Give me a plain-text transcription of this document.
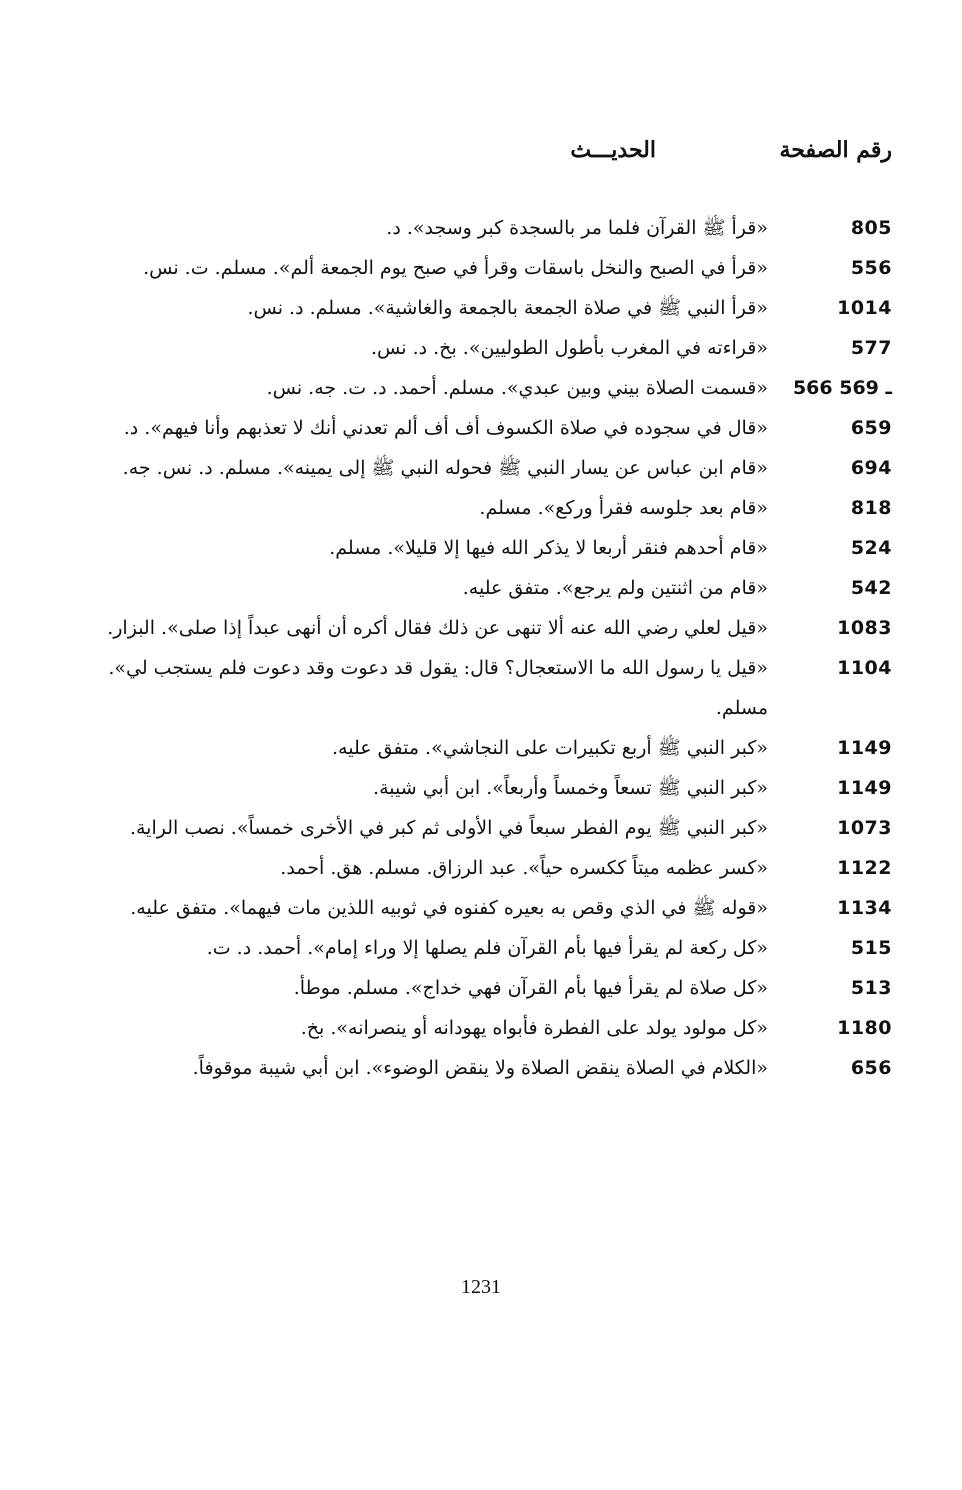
رقم الصفحة
الحديـــث
805
«قرأ ﷺ القرآن فلما مر بالسجدة كبر وسجد». د.
556
«قرأ في الصبح والنخل باسقات وقرأ في صبح يوم الجمعة ألم». مسلم. ت. نس.
1014
«قرأ النبي ﷺ في صلاة الجمعة بالجمعة والغاشية». مسلم. د. نس.
577
«قراءته في المغرب بأطول الطوليين». بخ. د. نس.
566 ـ 569
«قسمت الصلاة بيني وبين عبدي». مسلم. أحمد. د. ت. جه. نس.
659
«قال في سجوده في صلاة الكسوف أف أف ألم تعدني أنك لا تعذبهم وأنا فيهم». د.
694
«قام ابن عباس عن يسار النبي ﷺ فحوله النبي ﷺ إلى يمينه». مسلم. د. نس. جه.
818
«قام بعد جلوسه فقرأ وركع». مسلم.
524
«قام أحدهم فنقر أربعا لا يذكر الله فيها إلا قليلا». مسلم.
542
«قام من اثنتين ولم يرجع». متفق عليه.
1083
«قيل لعلي رضي الله عنه ألا تنهى عن ذلك فقال أكره أن أنهى عبداً إذا صلى». البزار.
1104
«قيل يا رسول الله ما الاستعجال؟ قال: يقول قد دعوت وقد دعوت فلم يستجب لي». مسلم.
1149
«كبر النبي ﷺ أربع تكبيرات على النجاشي». متفق عليه.
1149
«كبر النبي ﷺ تسعاً وخمساً وأربعاً». ابن أبي شيبة.
1073
«كبر النبي ﷺ يوم الفطر سبعاً في الأولى ثم كبر في الأخرى خمساً». نصب الراية.
1122
«كسر عظمه ميتاً ككسره حياً». عبد الرزاق. مسلم. هق. أحمد.
1134
«قوله ﷺ في الذي وقص به بعيره كفنوه في ثوبيه اللذين مات فيهما». متفق عليه.
515
«كل ركعة لم يقرأ فيها بأم القرآن فلم يصلها إلا وراء إمام». أحمد. د. ت.
513
«كل صلاة لم يقرأ فيها بأم القرآن فهي خداج». مسلم. موطأ.
1180
«كل مولود يولد على الفطرة فأبواه يهودانه أو ينصرانه». بخ.
656
«الكلام في الصلاة ينقض الصلاة ولا ينقض الوضوء». ابن أبي شيبة موقوفاً.
1231
